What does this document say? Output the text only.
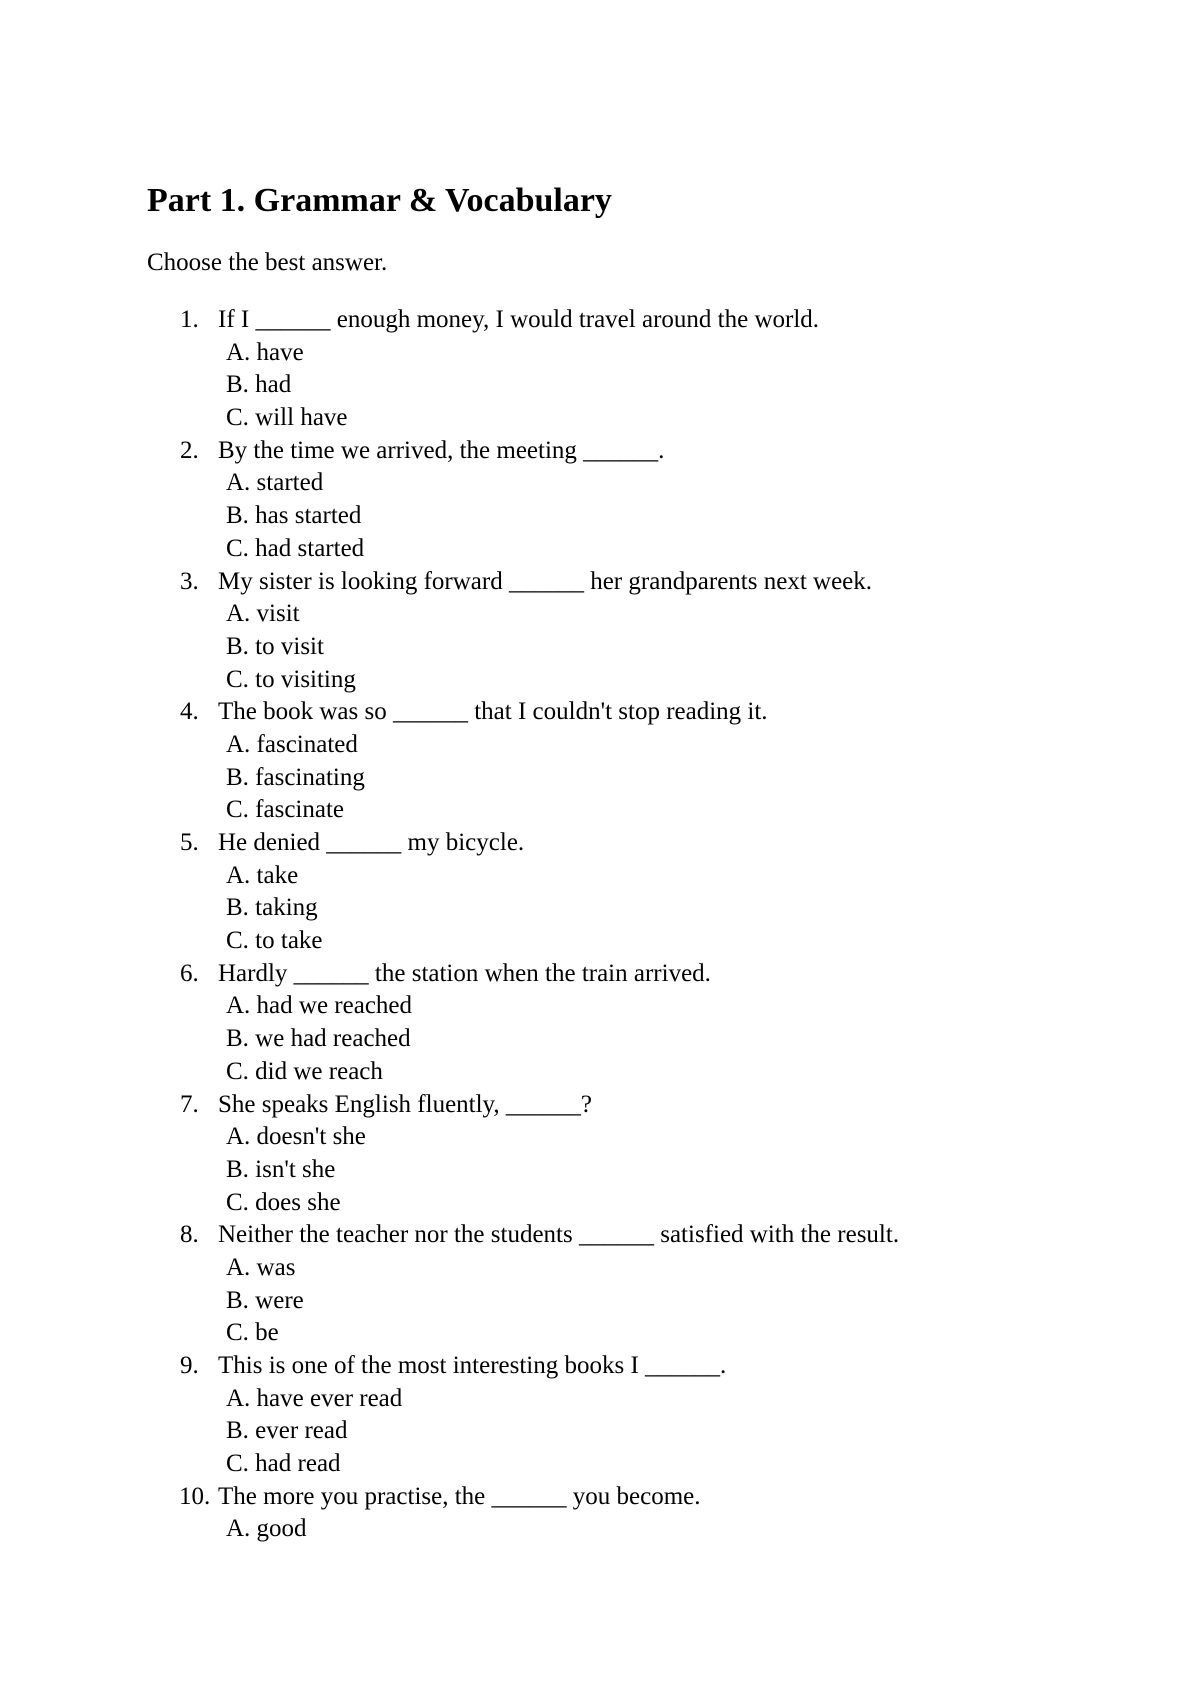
Part 1. Grammar & Vocabulary

Choose the best answer.

1. If I ______ enough money, I would travel around the world.
A. have
B. had
C. will have
2. By the time we arrived, the meeting ______.
A. started
B. has started
C. had started
3. My sister is looking forward ______ her grandparents next week.
A. visit
B. to visit
C. to visiting
4. The book was so ______ that I couldn't stop reading it.
A. fascinated
B. fascinating
C. fascinate
5. He denied ______ my bicycle.
A. take
B. taking
C. to take
6. Hardly ______ the station when the train arrived.
A. had we reached
B. we had reached
C. did we reach
7. She speaks English fluently, ______?
A. doesn't she
B. isn't she
C. does she
8. Neither the teacher nor the students ______ satisfied with the result.
A. was
B. were
C. be
9. This is one of the most interesting books I ______.
A. have ever read
B. ever read
C. had read
10. The more you practise, the ______ you become.
A. good
